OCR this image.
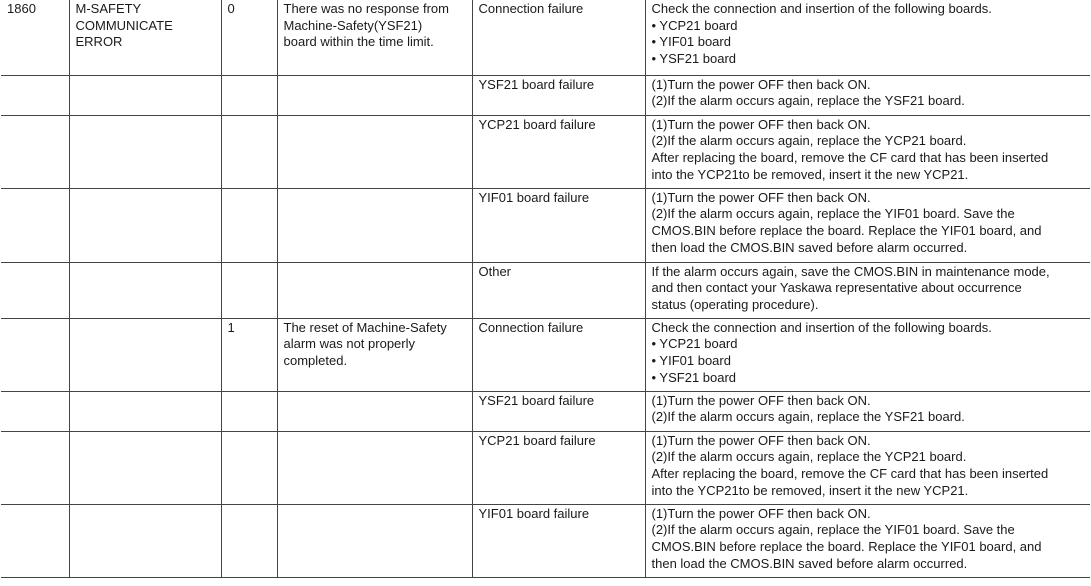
1860	M-SAFETY
COMMUNICATE
ERROR	0	There was no response from
Machine-Safety(YSF21)
board within the time limit.	Connection failure	Check the connection and insertion of the following boards.
• YCP21 board
• YIF01 board
• YSF21 board

				YSF21 board failure	(1)Turn the power OFF then back ON.
(2)If the alarm occurs again, replace the YSF21 board.

				YCP21 board failure	(1)Turn the power OFF then back ON.
(2)If the alarm occurs again, replace the YCP21 board.
After replacing the board, remove the CF card that has been inserted
into the YCP21to be removed, insert it the new YCP21.

				YIF01 board failure	(1)Turn the power OFF then back ON.
(2)If the alarm occurs again, replace the YIF01 board. Save the
CMOS.BIN before replace the board. Replace the YIF01 board, and
then load the CMOS.BIN saved before alarm occurred.

				Other	If the alarm occurs again, save the CMOS.BIN in maintenance mode,
and then contact your Yaskawa representative about occurrence
status (operating procedure).

		1	The reset of Machine-Safety
alarm was not properly
completed.	Connection failure	Check the connection and insertion of the following boards.
• YCP21 board
• YIF01 board
• YSF21 board

				YSF21 board failure	(1)Turn the power OFF then back ON.
(2)If the alarm occurs again, replace the YSF21 board.

				YCP21 board failure	(1)Turn the power OFF then back ON.
(2)If the alarm occurs again, replace the YCP21 board.
After replacing the board, remove the CF card that has been inserted
into the YCP21to be removed, insert it the new YCP21.

				YIF01 board failure	(1)Turn the power OFF then back ON.
(2)If the alarm occurs again, replace the YIF01 board. Save the
CMOS.BIN before replace the board. Replace the YIF01 board, and
then load the CMOS.BIN saved before alarm occurred.
